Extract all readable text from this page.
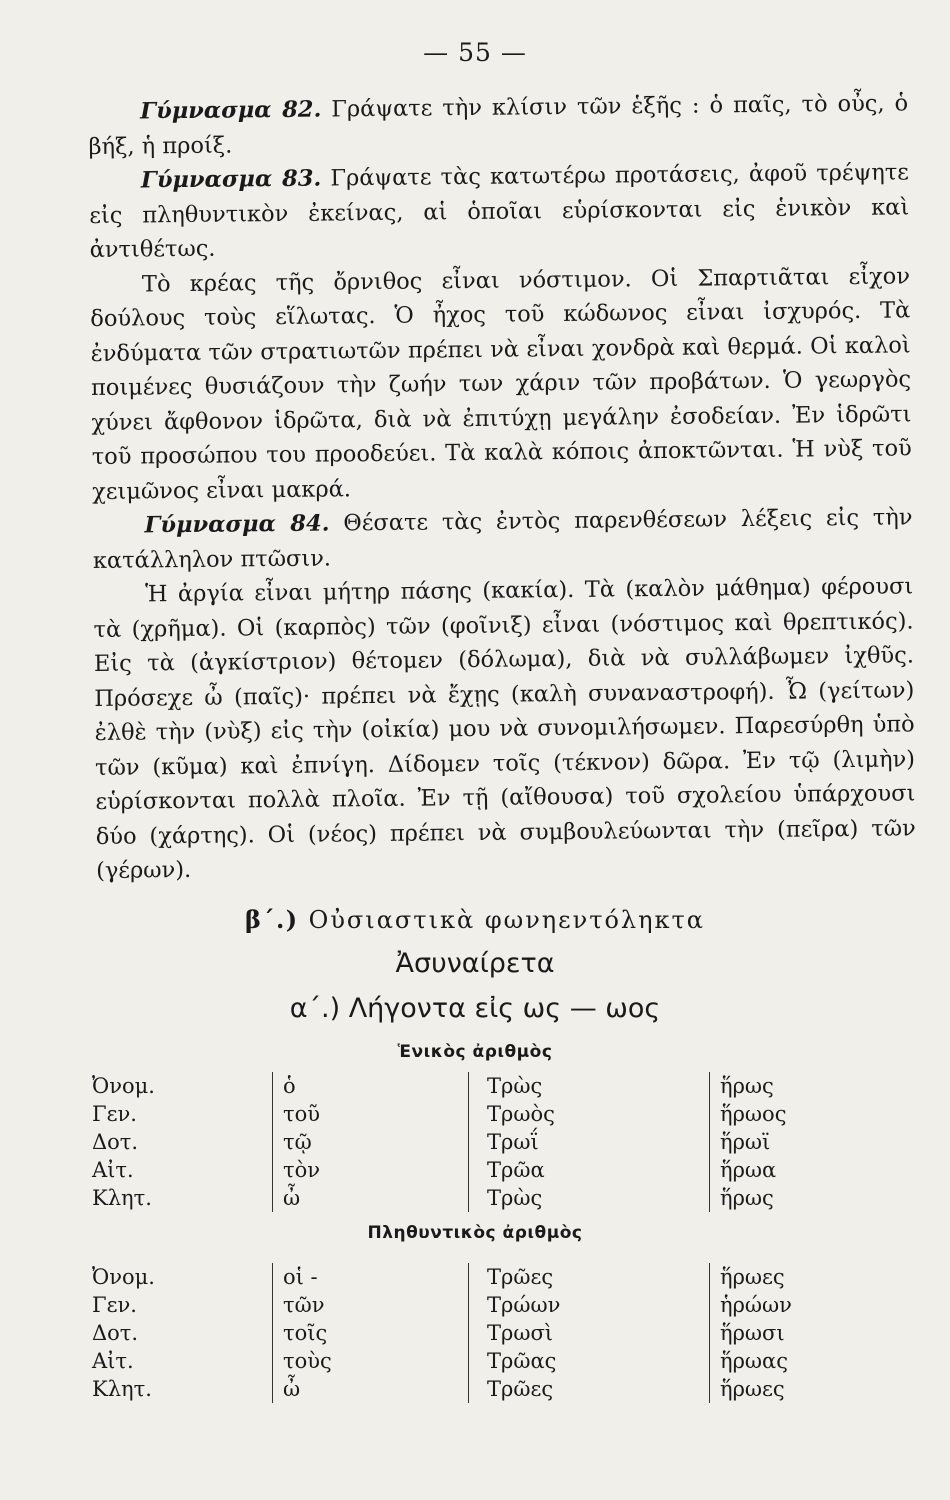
— 55 —

Γύμνασμα 82. Γράψατε τὴν κλίσιν τῶν ἑξῆς : ὁ παῖς, τὸ οὖς, ὁ βήξ, ἡ προίξ.

Γύμνασμα 83. Γράψατε τὰς κατωτέρω προτάσεις, ἀφοῦ τρέψητε εἰς πληθυντικὸν ἐκείνας, αἱ ὁποῖαι εὑρίσκονται εἰς ἑνικὸν καὶ ἀντιθέτως.

Τὸ κρέας τῆς ὄρνιθος εἶναι νόστιμον. Οἱ Σπαρτιᾶται εἶχον δούλους τοὺς εἵλωτας. Ὁ ἦχος τοῦ κώδωνος εἶναι ἰσχυρός. Τὰ ἐνδύματα τῶν στρατιωτῶν πρέπει νὰ εἶναι χονδρὰ καὶ θερμά. Οἱ καλοὶ ποιμένες θυσιάζουν τὴν ζωήν των χάριν τῶν προβάτων. Ὁ γεωργὸς χύνει ἄφθονον ἱδρῶτα, διὰ νὰ ἐπιτύχῃ μεγάλην ἐσοδείαν. Ἐν ἱδρῶτι τοῦ προσώπου του προοδεύει. Τὰ καλὰ κόποις ἀποκτῶνται. Ἡ νὺξ τοῦ χειμῶνος εἶναι μακρά.

Γύμνασμα 84. Θέσατε τὰς ἐντὸς παρενθέσεων λέξεις εἰς τὴν κατάλληλον πτῶσιν.

Ἡ ἀργία εἶναι μήτηρ πάσης (κακία). Τὰ (καλὸν μάθημα) φέρουσι τὰ (χρῆμα). Οἱ (καρπὸς) τῶν (φοῖνιξ) εἶναι (νόστιμος καὶ θρεπτικός). Εἰς τὰ (ἀγκίστριον) θέτομεν (δόλωμα), διὰ νὰ συλλάβωμεν ἰχθῦς. Πρόσεχε ὦ (παῖς)· πρέπει νὰ ἔχῃς (καλὴ συναναστροφή). Ὦ (γείτων) ἐλθὲ τὴν (νὺξ) εἰς τὴν (οἰκία) μου νὰ συνομιλήσωμεν. Παρεσύρθη ὑπὸ τῶν (κῦμα) καὶ ἐπνίγη. Δίδομεν τοῖς (τέκνον) δῶρα. Ἐν τῷ (λιμὴν) εὑρίσκονται πολλὰ πλοῖα. Ἐν τῇ (αἴθουσα) τοῦ σχολείου ὑπάρχουσι δύο (χάρτης). Οἱ (νέος) πρέπει νὰ συμβουλεύωνται τὴν (πεῖρα) τῶν (γέρων).

β΄.) Οὐσιαστικὰ φωνηεντόληκτα
Ἀσυναίρετα
α΄.) Λήγοντα εἰς ως — ωος
Ἑνικὸς ἀριθμὸς
Ὀνομ.	ὁ	Τρὼς	ἥρως
Γεν.	τοῦ	Τρωὸς	ἥρωος
Δοτ.	τῷ	Τρωΐ	ἥρωϊ
Αἰτ.	τὸν	Τρῶα	ἥρωα
Κλητ.	ὦ	Τρὼς	ἥρως
Πληθυντικὸς ἀριθμὸς
Ὀνομ.	οἱ -	Τρῶες	ἥρωες
Γεν.	τῶν	Τρώων	ἡρώων
Δοτ.	τοῖς	Τρωσὶ	ἥρωσι
Αἰτ.	τοὺς	Τρῶας	ἥρωας
Κλητ.	ὦ	Τρῶες	ἥρωες
